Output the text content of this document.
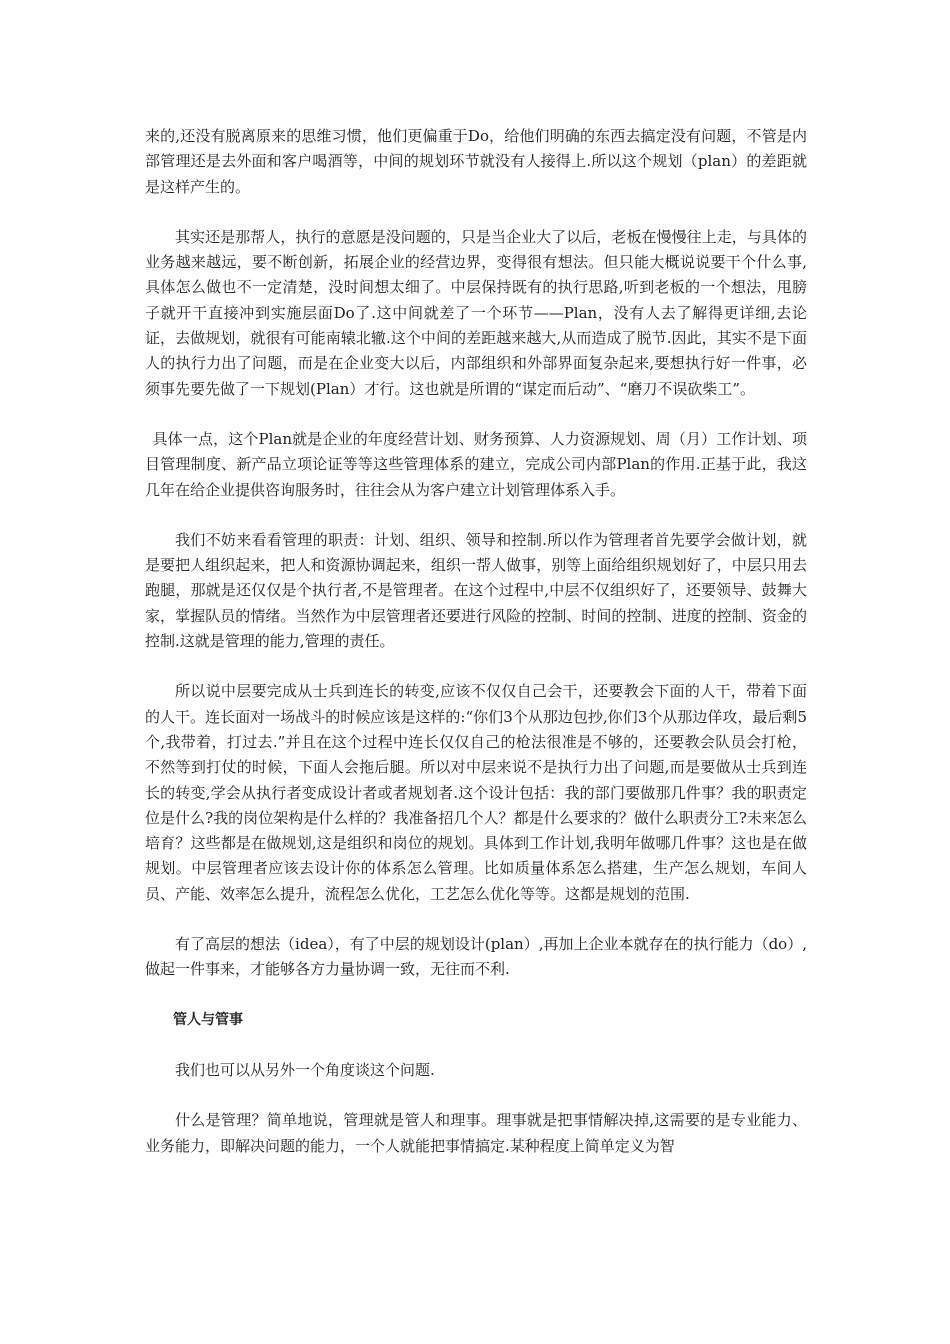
来的,还没有脱离原来的思维习惯，他们更偏重于Do，给他们明确的东西去搞定没有问题，不管是内部管理还是去外面和客户喝酒等，中间的规划环节就没有人接得上.所以这个规划（plan）的差距就是这样产生的。

其实还是那帮人，执行的意愿是没问题的，只是当企业大了以后，老板在慢慢往上走，与具体的业务越来越远，要不断创新，拓展企业的经营边界，变得很有想法。但只能大概说说要干个什么事,具体怎么做也不一定清楚，没时间想太细了。中层保持既有的执行思路,听到老板的一个想法，甩膀子就开干直接冲到实施层面Do了.这中间就差了一个环节——Plan，没有人去了解得更详细,去论证，去做规划，就很有可能南辕北辙.这个中间的差距越来越大,从而造成了脱节.因此，其实不是下面人的执行力出了问题，而是在企业变大以后，内部组织和外部界面复杂起来,要想执行好一件事，必须事先要先做了一下规划(Plan）才行。这也就是所谓的“谋定而后动”、“磨刀不误砍柴工”。

具体一点，这个Plan就是企业的年度经营计划、财务预算、人力资源规划、周（月）工作计划、项目管理制度、新产品立项论证等等这些管理体系的建立，完成公司内部Plan的作用.正基于此，我这几年在给企业提供咨询服务时，往往会从为客户建立计划管理体系入手。

我们不妨来看看管理的职责：计划、组织、领导和控制.所以作为管理者首先要学会做计划，就是要把人组织起来，把人和资源协调起来，组织一帮人做事，别等上面给组织规划好了，中层只用去跑腿，那就是还仅仅是个执行者,不是管理者。在这个过程中,中层不仅组织好了，还要领导、鼓舞大家，掌握队员的情绪。当然作为中层管理者还要进行风险的控制、时间的控制、进度的控制、资金的控制.这就是管理的能力,管理的责任。

所以说中层要完成从士兵到连长的转变,应该不仅仅自己会干，还要教会下面的人干，带着下面的人干。连长面对一场战斗的时候应该是这样的:“你们3个从那边包抄,你们3个从那边佯攻，最后剩5个,我带着，打过去.”并且在这个过程中连长仅仅自己的枪法很准是不够的，还要教会队员会打枪，不然等到打仗的时候，下面人会拖后腿。所以对中层来说不是执行力出了问题,而是要做从士兵到连长的转变,学会从执行者变成设计者或者规划者.这个设计包括：我的部门要做那几件事？我的职责定位是什么?我的岗位架构是什么样的？我准备招几个人？都是什么要求的？做什么职责分工?未来怎么培育？这些都是在做规划,这是组织和岗位的规划。具体到工作计划,我明年做哪几件事？这也是在做规划。中层管理者应该去设计你的体系怎么管理。比如质量体系怎么搭建，生产怎么规划，车间人员、产能、效率怎么提升，流程怎么优化，工艺怎么优化等等。这都是规划的范围.

有了高层的想法（idea），有了中层的规划设计(plan）,再加上企业本就存在的执行能力（do）,做起一件事来，才能够各方力量协调一致，无往而不利.

管人与管事

我们也可以从另外一个角度谈这个问题.

什么是管理？简单地说，管理就是管人和理事。理事就是把事情解决掉,这需要的是专业能力、业务能力，即解决问题的能力，一个人就能把事情搞定.某种程度上简单定义为智
